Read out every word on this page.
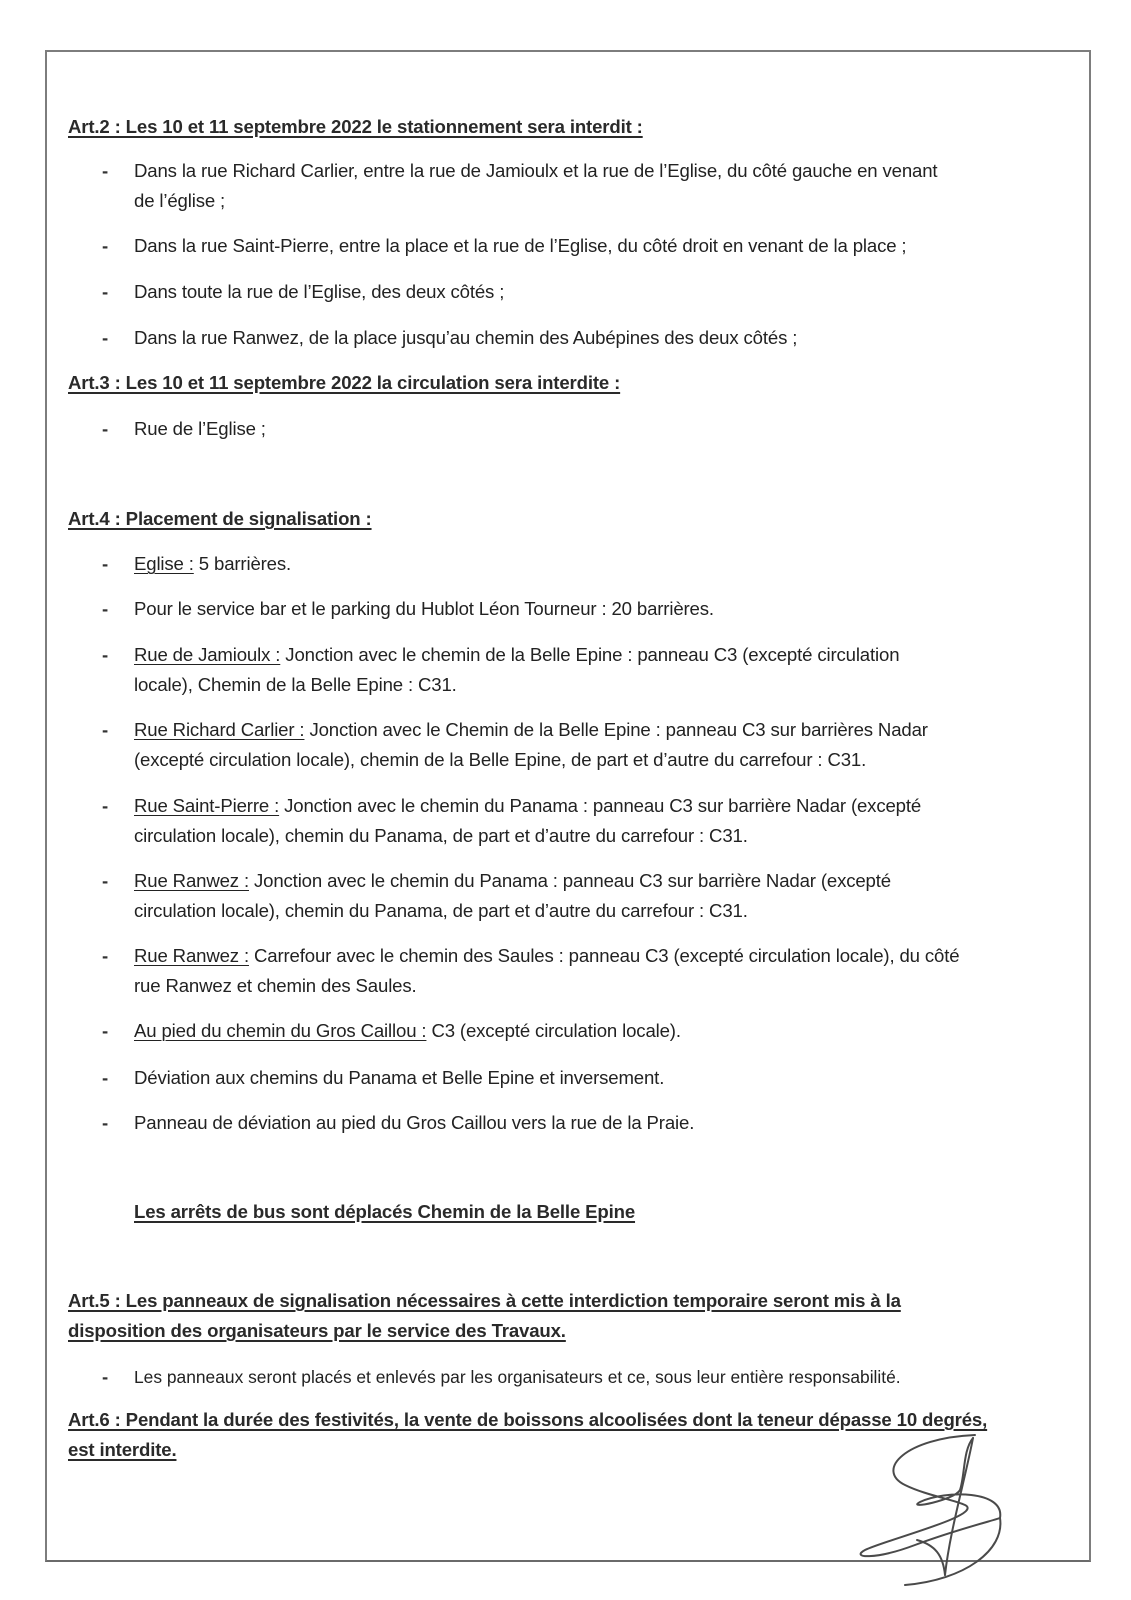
Art.2 : Les 10 et 11 septembre 2022 le stationnement sera interdit :
- Dans la rue Richard Carlier, entre la rue de Jamioulx et la rue de l’Eglise, du côté gauche en venant
de l’église ;
- Dans la rue Saint-Pierre, entre la place et la rue de l’Eglise, du côté droit en venant de la place ;
- Dans toute la rue de l’Eglise, des deux côtés ;
- Dans la rue Ranwez, de la place jusqu’au chemin des Aubépines des deux côtés ;
Art.3 : Les 10 et 11 septembre 2022 la circulation sera interdite :
- Rue de l’Eglise ;
Art.4 : Placement de signalisation :
- Eglise : 5 barrières.
- Pour le service bar et le parking du Hublot Léon Tourneur : 20 barrières.
- Rue de Jamioulx : Jonction avec le chemin de la Belle Epine : panneau C3 (excepté circulation
locale), Chemin de la Belle Epine : C31.
- Rue Richard Carlier : Jonction avec le Chemin de la Belle Epine : panneau C3 sur barrières Nadar
(excepté circulation locale), chemin de la Belle Epine, de part et d’autre du carrefour : C31.
- Rue Saint-Pierre : Jonction avec le chemin du Panama : panneau C3 sur barrière Nadar (excepté
circulation locale), chemin du Panama, de part et d’autre du carrefour : C31.
- Rue Ranwez : Jonction avec le chemin du Panama : panneau C3 sur barrière Nadar (excepté
circulation locale), chemin du Panama, de part et d’autre du carrefour : C31.
- Rue Ranwez : Carrefour avec le chemin des Saules : panneau C3 (excepté circulation locale), du côté
rue Ranwez et chemin des Saules.
- Au pied du chemin du Gros Caillou : C3 (excepté circulation locale).
- Déviation aux chemins du Panama et Belle Epine et inversement.
- Panneau de déviation au pied du Gros Caillou vers la rue de la Praie.
Les arrêts de bus sont déplacés Chemin de la Belle Epine
Art.5 : Les panneaux de signalisation nécessaires à cette interdiction temporaire seront mis à la
disposition des organisateurs par le service des Travaux.
- Les panneaux seront placés et enlevés par les organisateurs et ce, sous leur entière responsabilité.
Art.6 : Pendant la durée des festivités, la vente de boissons alcoolisées dont la teneur dépasse 10 degrés,
est interdite.
